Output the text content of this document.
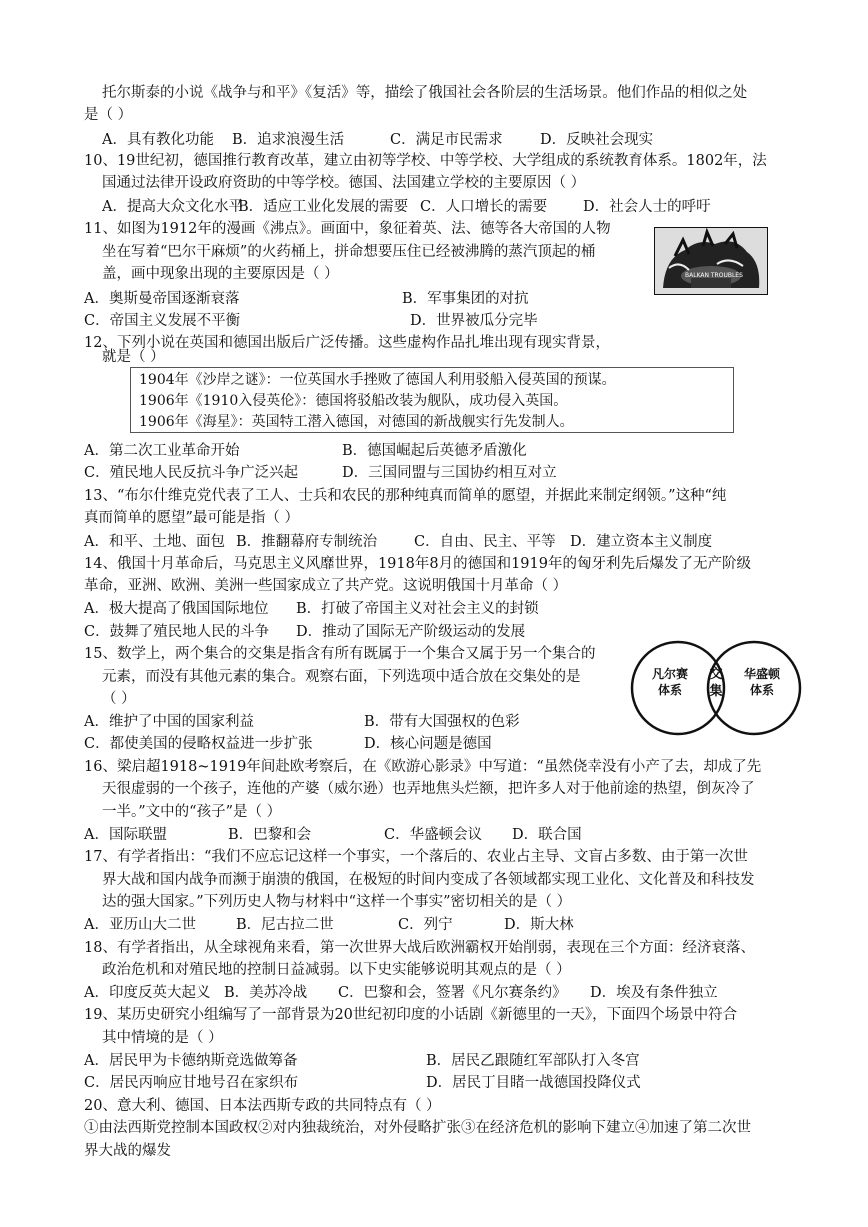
托尔斯泰的小说《战争与和平》《复活》等，描绘了俄国社会各阶层的生活场景。他们作品的相似之处
是（ ）
A．具有教化功能 B．追求浪漫生活	C．满足市民需求	D．反映社会现实
10、19世纪初，德国推行教育改革，建立由初等学校、中等学校、大学组成的系统教育体系。1802年，法
国通过法律开设政府资助的中等学校。德国、法国建立学校的主要原因（ ）
A．提高大众文化水平
B．适应工业化发展的需要 C．人口增长的需要 D．社会人士的呼吁
11、如图为1912年的漫画《沸点》。画面中，象征着英、法、德等各大帝国的人物
坐在写着“巴尔干麻烦”的火药桶上，拼命想要压住已经被沸腾的蒸汽顶起的桶
盖，画中现象出现的主要原因是（ ）	BALKAN TROUBLES
A．奥斯曼帝国逐渐衰落	B．军事集团的对抗
C．帝国主义发展不平衡	D．世界被瓜分完毕
12、下列小说在英国和德国出版后广泛传播。这些虚构作品扎堆出现有现实背景，
就是（ ）
1904年《沙岸之谜》：一位英国水手挫败了德国人利用驳船入侵英国的预谋。
1906年《1910入侵英伦》：德国将驳船改装为舰队，成功侵入英国。
1906年《海星》：英国特工潜入德国，对德国的新战舰实行先发制人。
A．第二次工业革命开始	B．德国崛起后英德矛盾激化
C．殖民地人民反抗斗争广泛兴起	D．三国同盟与三国协约相互对立
13、“布尔什维克党代表了工人、士兵和农民的那种纯真而简单的愿望，并据此来制定纲领。”这种“纯
真而简单的愿望”最可能是指（ ）
A．和平、土地、面包 B．推翻幕府专制统治	C．自由、民主、平等 D．建立资本主义制度
14、俄国十月革命后，马克思主义风靡世界，1918年8月的德国和1919年的匈牙利先后爆发了无产阶级
革命，亚洲、欧洲、美洲一些国家成立了共产党。这说明俄国十月革命（ ）
A．极大提高了俄国国际地位 B．打破了帝国主义对社会主义的封锁
C．鼓舞了殖民地人民的斗争 D．推动了国际无产阶级运动的发展
15、数学上，两个集合的交集是指含有所有既属于一个集合又属于另一个集合的
元素，而没有其他元素的集合。观察右面，下列选项中适合放在交集处的是
（ ）
凡尔赛
体系
交
集
华盛顿
体系
A．维护了中国的国家利益	B．带有大国强权的色彩
C．都使美国的侵略权益进一步扩张	D．核心问题是德国
16、梁启超1918~1919年间赴欧考察后，在《欧游心影录》中写道：“虽然侥幸没有小产了去，却成了先
天很虚弱的一个孩子，连他的产婆（威尔逊）也弄地焦头烂额，把许多人对于他前途的热望，倒灰冷了
一半。”文中的“孩子”是（ ）
A．国际联盟	B．巴黎和会	C．华盛顿会议 D．联合国
17、有学者指出：“我们不应忘记这样一个事实，一个落后的、农业占主导、文盲占多数、由于第一次世
界大战和国内战争而濒于崩溃的俄国，在极短的时间内变成了各领域都实现工业化、文化普及和科技发
达的强大国家。”下列历史人物与材料中“这样一个事实”密切相关的是（ ）
A．亚历山大二世	B．尼古拉二世	C．列宁	D．斯大林
18、有学者指出，从全球视角来看，第一次世界大战后欧洲霸权开始削弱，表现在三个方面：经济衰落、
政治危机和对殖民地的控制日益减弱。以下史实能够说明其观点的是（ ）
A．印度反英大起义 B．美苏冷战 C．巴黎和会，签署《凡尔赛条约》 D．埃及有条件独立
19、某历史研究小组编写了一部背景为20世纪初印度的小话剧《新德里的一天》，下面四个场景中符合
其中情境的是（ ）
A．居民甲为卡德纳斯竞选做筹备	B．居民乙跟随红军部队打入冬宫
C．居民丙响应甘地号召在家织布	D．居民丁目睹一战德国投降仪式
20、意大利、德国、日本法西斯专政的共同特点有（ ）
①由法西斯党控制本国政权②对内独裁统治，对外侵略扩张③在经济危机的影响下建立④加速了第二次世
界大战的爆发
